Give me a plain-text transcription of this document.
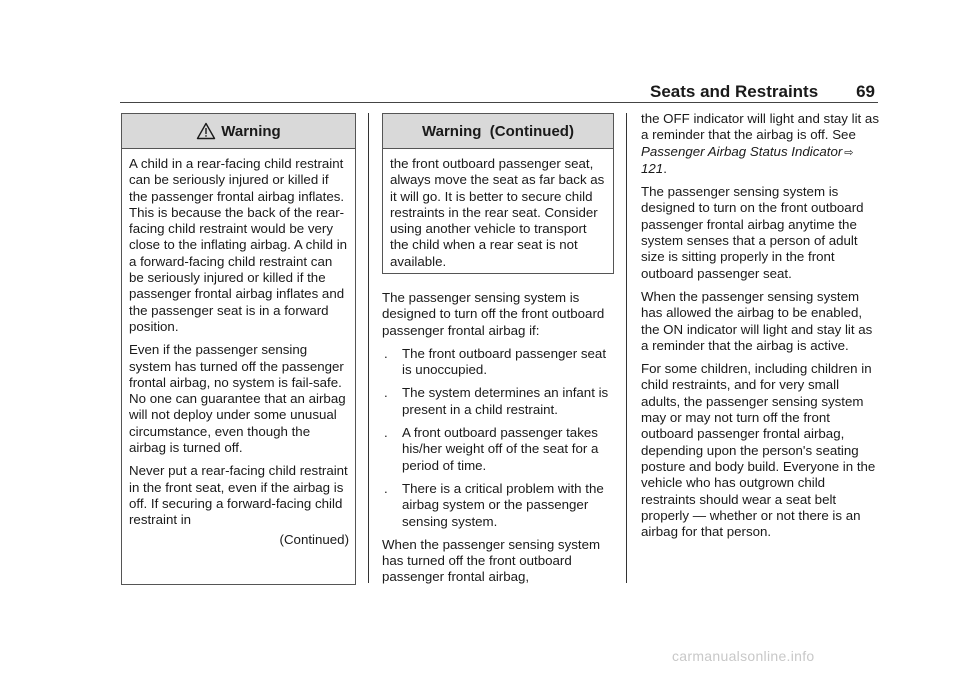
Seats and Restraints 69
Warning

A child in a rear-facing child restraint can be seriously injured or killed if the passenger frontal airbag inflates. This is because the back of the rear-facing child restraint would be very close to the inflating airbag. A child in a forward-facing child restraint can be seriously injured or killed if the passenger frontal airbag inflates and the passenger seat is in a forward position.

Even if the passenger sensing system has turned off the passenger frontal airbag, no system is fail-safe. No one can guarantee that an airbag will not deploy under some unusual circumstance, even though the airbag is turned off.

Never put a rear-facing child restraint in the front seat, even if the airbag is off. If securing a forward-facing child restraint in

(Continued)
Warning  (Continued)

the front outboard passenger seat, always move the seat as far back as it will go. It is better to secure child restraints in the rear seat. Consider using another vehicle to transport the child when a rear seat is not available.

The passenger sensing system is designed to turn off the front outboard passenger frontal airbag if:

.	The front outboard passenger seat is unoccupied.
.	The system determines an infant is present in a child restraint.
.	A front outboard passenger takes his/her weight off of the seat for a period of time.
.	There is a critical problem with the airbag system or the passenger sensing system.

When the passenger sensing system has turned off the front outboard passenger frontal airbag,

the OFF indicator will light and stay lit as a reminder that the airbag is off. See Passenger Airbag Status Indicator ⇨121.

The passenger sensing system is designed to turn on the front outboard passenger frontal airbag anytime the system senses that a person of adult size is sitting properly in the front outboard passenger seat.

When the passenger sensing system has allowed the airbag to be enabled, the ON indicator will light and stay lit as a reminder that the airbag is active.

For some children, including children in child restraints, and for very small adults, the passenger sensing system may or may not turn off the front outboard passenger frontal airbag, depending upon the person's seating posture and body build. Everyone in the vehicle who has outgrown child restraints should wear a seat belt properly — whether or not there is an airbag for that person.

carmanualsonline.info
